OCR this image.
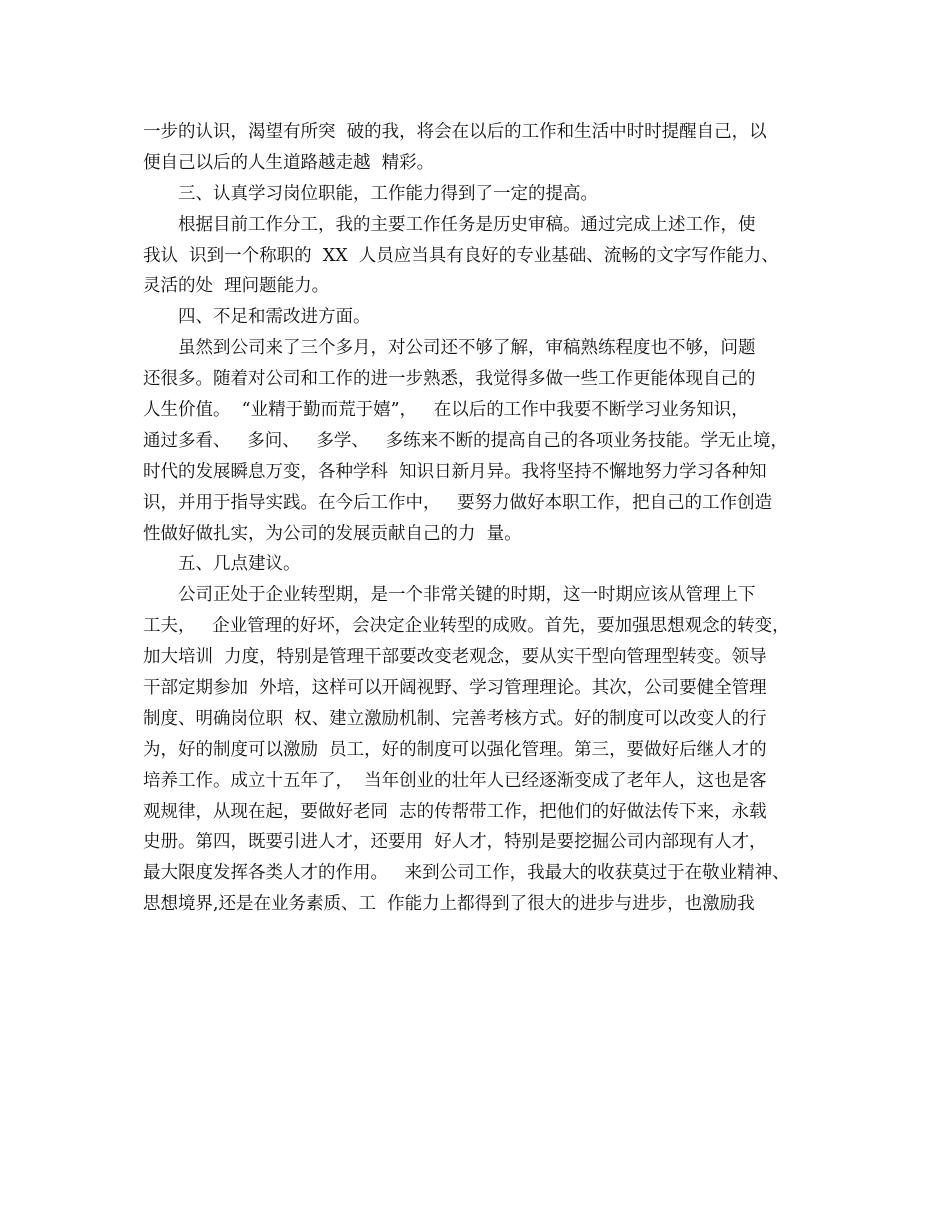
一步的认识，渴望有所突  破的我，将会在以后的工作和生活中时时提醒自己，以
便自己以后的人生道路越走越  精彩。
三、认真学习岗位职能，工作能力得到了一定的提高。
根据目前工作分工，我的主要工作任务是历史审稿。通过完成上述工作，使
我认  识到一个称职的  XX  人员应当具有良好的专业基础、流畅的文字写作能力、
灵活的处  理问题能力。
四、不足和需改进方面。
虽然到公司来了三个多月，对公司还不够了解，审稿熟练程度也不够，问题
还很多。随着对公司和工作的进一步熟悉，我觉得多做一些工作更能体现自己的
人生价值。  “业精于勤而荒于嬉”，   在以后的工作中我要不断学习业务知识，
通过多看、   多问、   多学、   多练来不断的提高自己的各项业务技能。学无止境，
时代的发展瞬息万变，各种学科  知识日新月异。我将坚持不懈地努力学习各种知
识，并用于指导实践。在今后工作中，   要努力做好本职工作，把自己的工作创造
性做好做扎实，为公司的发展贡献自己的力  量。
五、几点建议。
公司正处于企业转型期，是一个非常关键的时期，这一时期应该从管理上下
工夫，   企业管理的好坏，会决定企业转型的成败。首先，要加强思想观念的转变，
加大培训  力度，特别是管理干部要改变老观念，要从实干型向管理型转变。领导
干部定期参加  外培，这样可以开阔视野、学习管理理论。其次，公司要健全管理
制度、明确岗位职  权、建立激励机制、完善考核方式。好的制度可以改变人的行
为，好的制度可以激励  员工，好的制度可以强化管理。第三，要做好后继人才的
培养工作。成立十五年了，  当年创业的壮年人已经逐渐变成了老年人，这也是客
观规律，从现在起，要做好老同  志的传帮带工作，把他们的好做法传下来，永载
史册。第四，既要引进人才，还要用  好人才，特别是要挖掘公司内部现有人才，
最大限度发挥各类人才的作用。   来到公司工作，我最大的收获莫过于在敬业精神、
思想境界,还是在业务素质、工  作能力上都得到了很大的进步与进步，也激励我
